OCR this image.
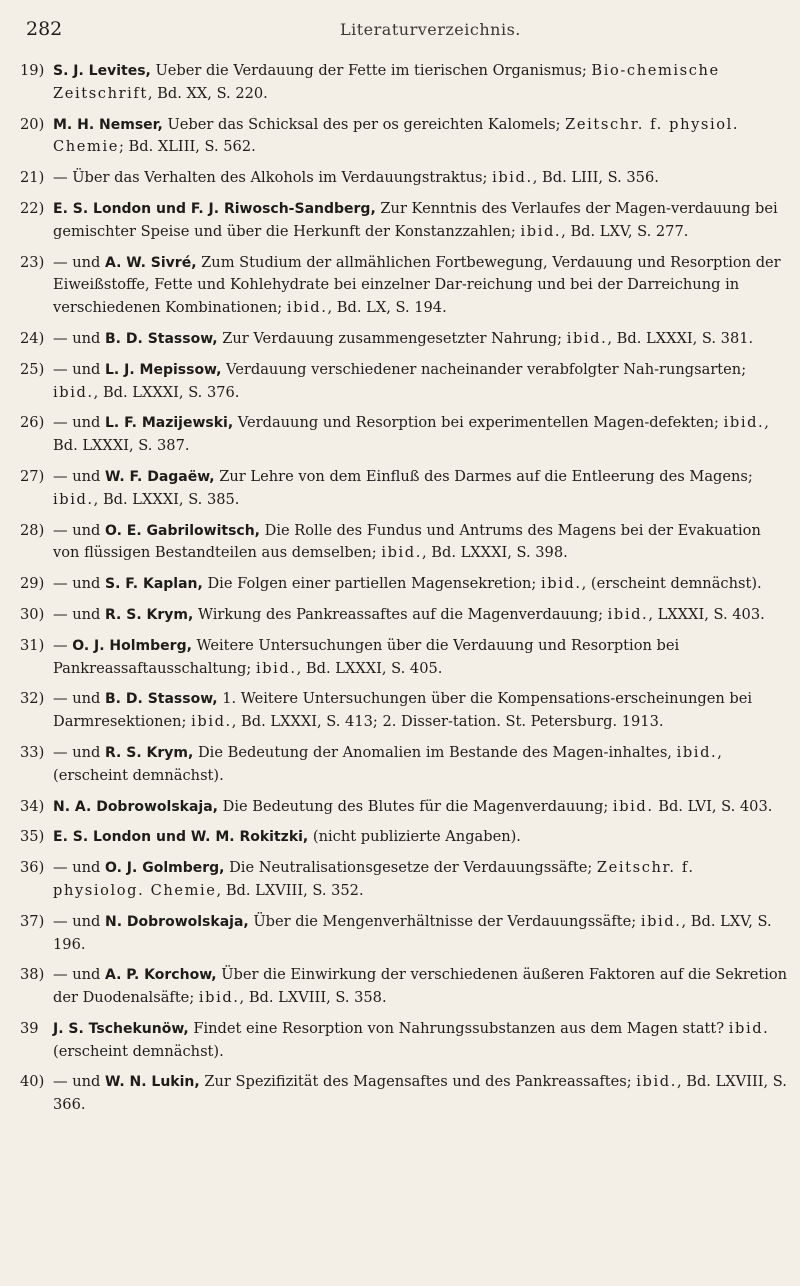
282	Literaturverzeichnis.
19) S. J. Levites, Ueber die Verdauung der Fette im tierischen Organismus; Bio-chemische Zeitschrift, Bd. XX, S. 220.
20) M. H. Nemser, Ueber das Schicksal des per os gereichten Kalomels; Zeitschr. f. physiol. Chemie; Bd. XLIII, S. 562.
21) — Über das Verhalten des Alkohols im Verdauungstraktus; ibid., Bd. LIII, S. 356.
22) E. S. London und F. J. Riwosch-Sandberg, Zur Kenntnis des Verlaufes der Magen-verdauung bei gemischter Speise und über die Herkunft der Konstanzzahlen; ibid., Bd. LXV, S. 277.
23) — und A. W. Sivré, Zum Studium der allmählichen Fortbewegung, Verdauung und Resorption der Eiweißstoffe, Fette und Kohlehydrate bei einzelner Dar-reichung und bei der Darreichung in verschiedenen Kombinationen; ibid., Bd. LX, S. 194.
24) — und B. D. Stassow, Zur Verdauung zusammengesetzter Nahrung; ibid., Bd. LXXXI, S. 381.
25) — und L. J. Mepissow, Verdauung verschiedener nacheinander verabfolgter Nah-rungsarten; ibid., Bd. LXXXI, S. 376.
26) — und L. F. Mazijewski, Verdauung und Resorption bei experimentellen Magen-defekten; ibid., Bd. LXXXI, S. 387.
27) — und W. F. Dagaëw, Zur Lehre von dem Einfluß des Darmes auf die Entleerung des Magens; ibid., Bd. LXXXI, S. 385.
28) — und O. E. Gabrilowitsch, Die Rolle des Fundus und Antrums des Magens bei der Evakuation von flüssigen Bestandteilen aus demselben; ibid., Bd. LXXXI, S. 398.
29) — und S. F. Kaplan, Die Folgen einer partiellen Magensekretion; ibid., (erscheint demnächst).
30) — und R. S. Krym, Wirkung des Pankreassaftes auf die Magenverdauung; ibid., LXXXI, S. 403.
31) — O. J. Holmberg, Weitere Untersuchungen über die Verdauung und Resorption bei Pankreassaftausschaltung; ibid., Bd. LXXXI, S. 405.
32) — und B. D. Stassow, 1. Weitere Untersuchungen über die Kompensations-erscheinungen bei Darmresektionen; ibid., Bd. LXXXI, S. 413; 2. Disser-tation. St. Petersburg. 1913.
33) — und R. S. Krym, Die Bedeutung der Anomalien im Bestande des Magen-inhaltes, ibid., (erscheint demnächst).
34) N. A. Dobrowolskaja, Die Bedeutung des Blutes für die Magenverdauung; ibid. Bd. LVI, S. 403.
35) E. S. London und W. M. Rokitzki, (nicht publizierte Angaben).
36) — und O. J. Golmberg, Die Neutralisationsgesetze der Verdauungssäfte; Zeitschr. f. physiolog. Chemie, Bd. LXVIII, S. 352.
37) — und N. Dobrowolskaja, Über die Mengenverhältnisse der Verdauungssäfte; ibid., Bd. LXV, S. 196.
38) — und A. P. Korchow, Über die Einwirkung der verschiedenen äußeren Faktoren auf die Sekretion der Duodenalsäfte; ibid., Bd. LXVIII, S. 358.
39 J. S. Tschekunöw, Findet eine Resorption von Nahrungssubstanzen aus dem Magen statt? ibid. (erscheint demnächst).
40) — und W. N. Lukin, Zur Spezifizität des Magensaftes und des Pankreassaftes; ibid., Bd. LXVIII, S. 366.
